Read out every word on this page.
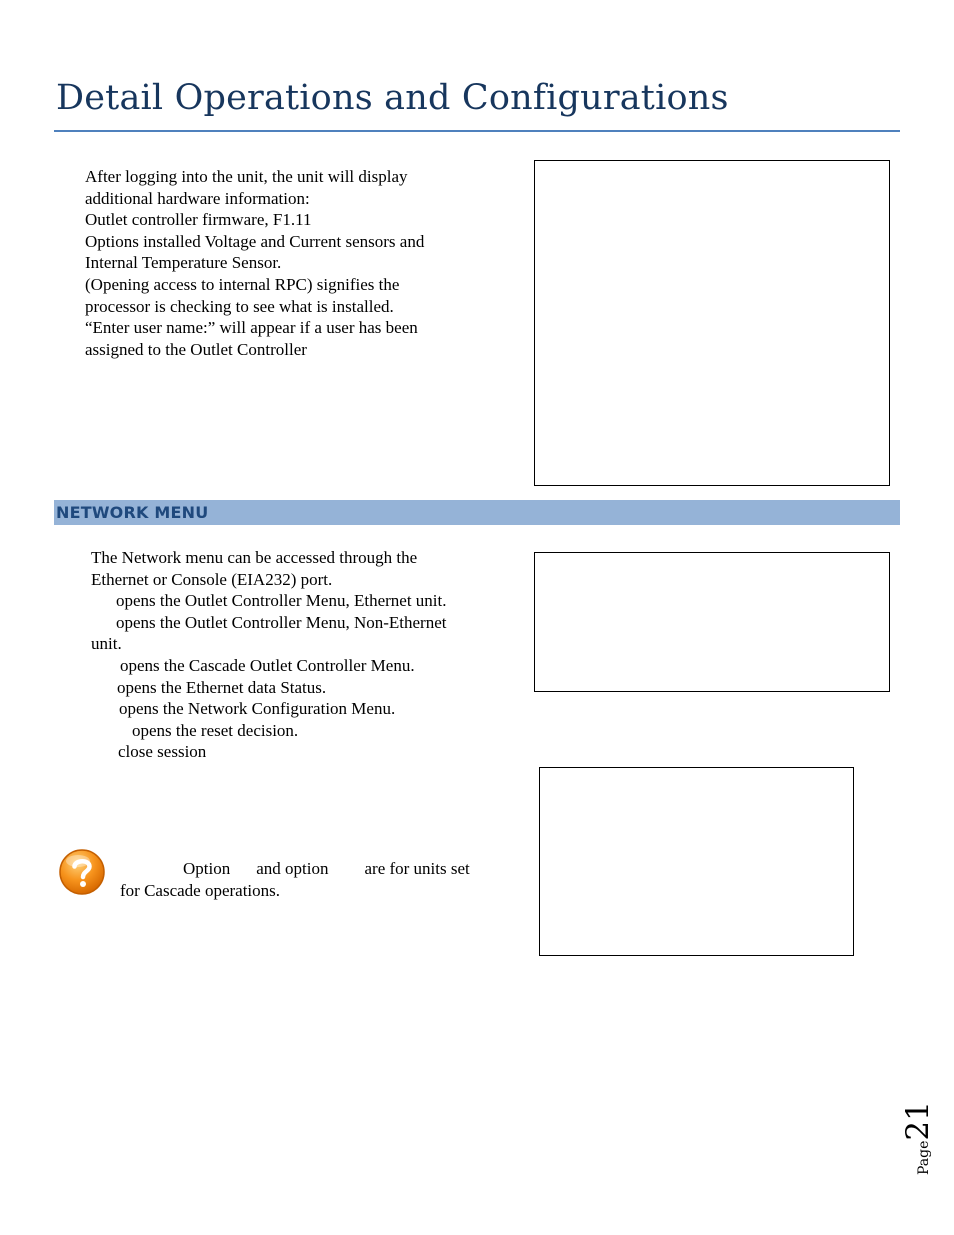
Detail Operations and Configurations
After logging into the unit, the unit will display
additional hardware information:
Outlet controller firmware, F1.11
Options installed Voltage and Current sensors and
Internal Temperature Sensor.
(Opening access to internal RPC) signifies the
processor is checking to see what is installed.
“Enter user name:” will appear if a user has been
assigned to the Outlet Controller
NETWORK MENU
The Network menu can be accessed through the
Ethernet or Console (EIA232) port.
opens the Outlet Controller Menu, Ethernet unit.
opens the Outlet Controller Menu, Non-Ethernet
unit.
opens the Cascade Outlet Controller Menu.
opens the Ethernet data Status.
opens the Network Configuration Menu.
opens the reset decision.
close session
Option and option are for units set
for Cascade operations.
Page21
